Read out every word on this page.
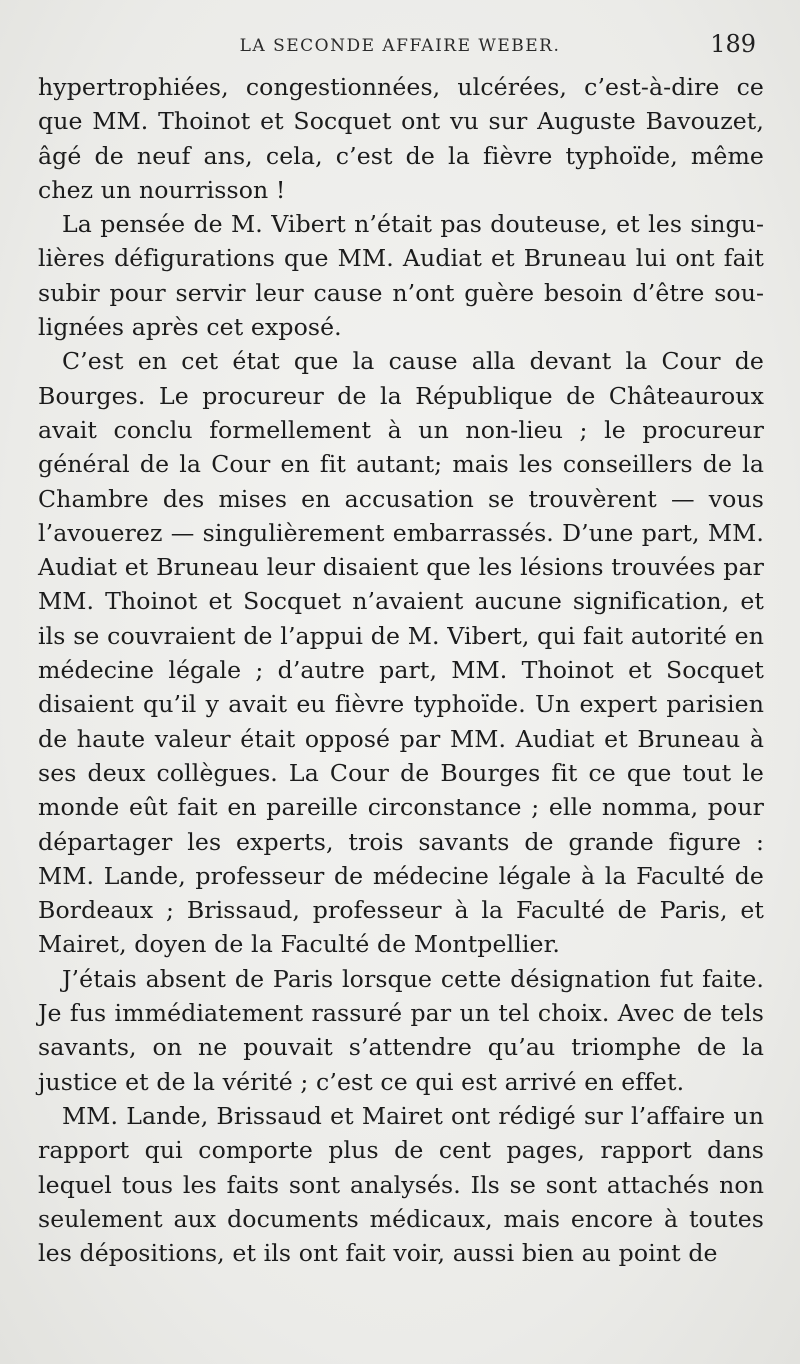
LA SECONDE AFFAIRE WEBER.	189

hypertrophiées, congestionnées, ulcérées, c’est-à-dire ce que MM. Thoinot et Socquet ont vu sur Auguste Bavouzet, âgé de neuf ans, cela, c’est de la fièvre typhoïde, même chez un nourrisson !

La pensée de M. Vibert n’était pas douteuse, et les singulières défigurations que MM. Audiat et Bruneau lui ont fait subir pour servir leur cause n’ont guère besoin d’être soulignées après cet exposé.

C’est en cet état que la cause alla devant la Cour de Bourges. Le procureur de la République de Châteauroux avait conclu formellement à un non-lieu ; le procureur général de la Cour en fit autant; mais les conseillers de la Chambre des mises en accusation se trouvèrent — vous l’avouerez — singulièrement embarrassés. D’une part, MM. Audiat et Bruneau leur disaient que les lésions trouvées par MM. Thoinot et Socquet n’avaient aucune signification, et ils se couvraient de l’appui de M. Vibert, qui fait autorité en médecine légale ; d’autre part, MM. Thoinot et Socquet disaient qu’il y avait eu fièvre typhoïde. Un expert parisien de haute valeur était opposé par MM. Audiat et Bruneau à ses deux collègues. La Cour de Bourges fit ce que tout le monde eût fait en pareille circonstance ; elle nomma, pour départager les experts, trois savants de grande figure : MM. Lande, professeur de médecine légale à la Faculté de Bordeaux ; Brissaud, professeur à la Faculté de Paris, et Mairet, doyen de la Faculté de Montpellier.

J’étais absent de Paris lorsque cette désignation fut faite. Je fus immédiatement rassuré par un tel choix. Avec de tels savants, on ne pouvait s’attendre qu’au triomphe de la justice et de la vérité ; c’est ce qui est arrivé en effet.

MM. Lande, Brissaud et Mairet ont rédigé sur l’affaire un rapport qui comporte plus de cent pages, rapport dans lequel tous les faits sont analysés. Ils se sont attachés non seulement aux documents médicaux, mais encore à toutes les dépositions, et ils ont fait voir, aussi bien au point de
